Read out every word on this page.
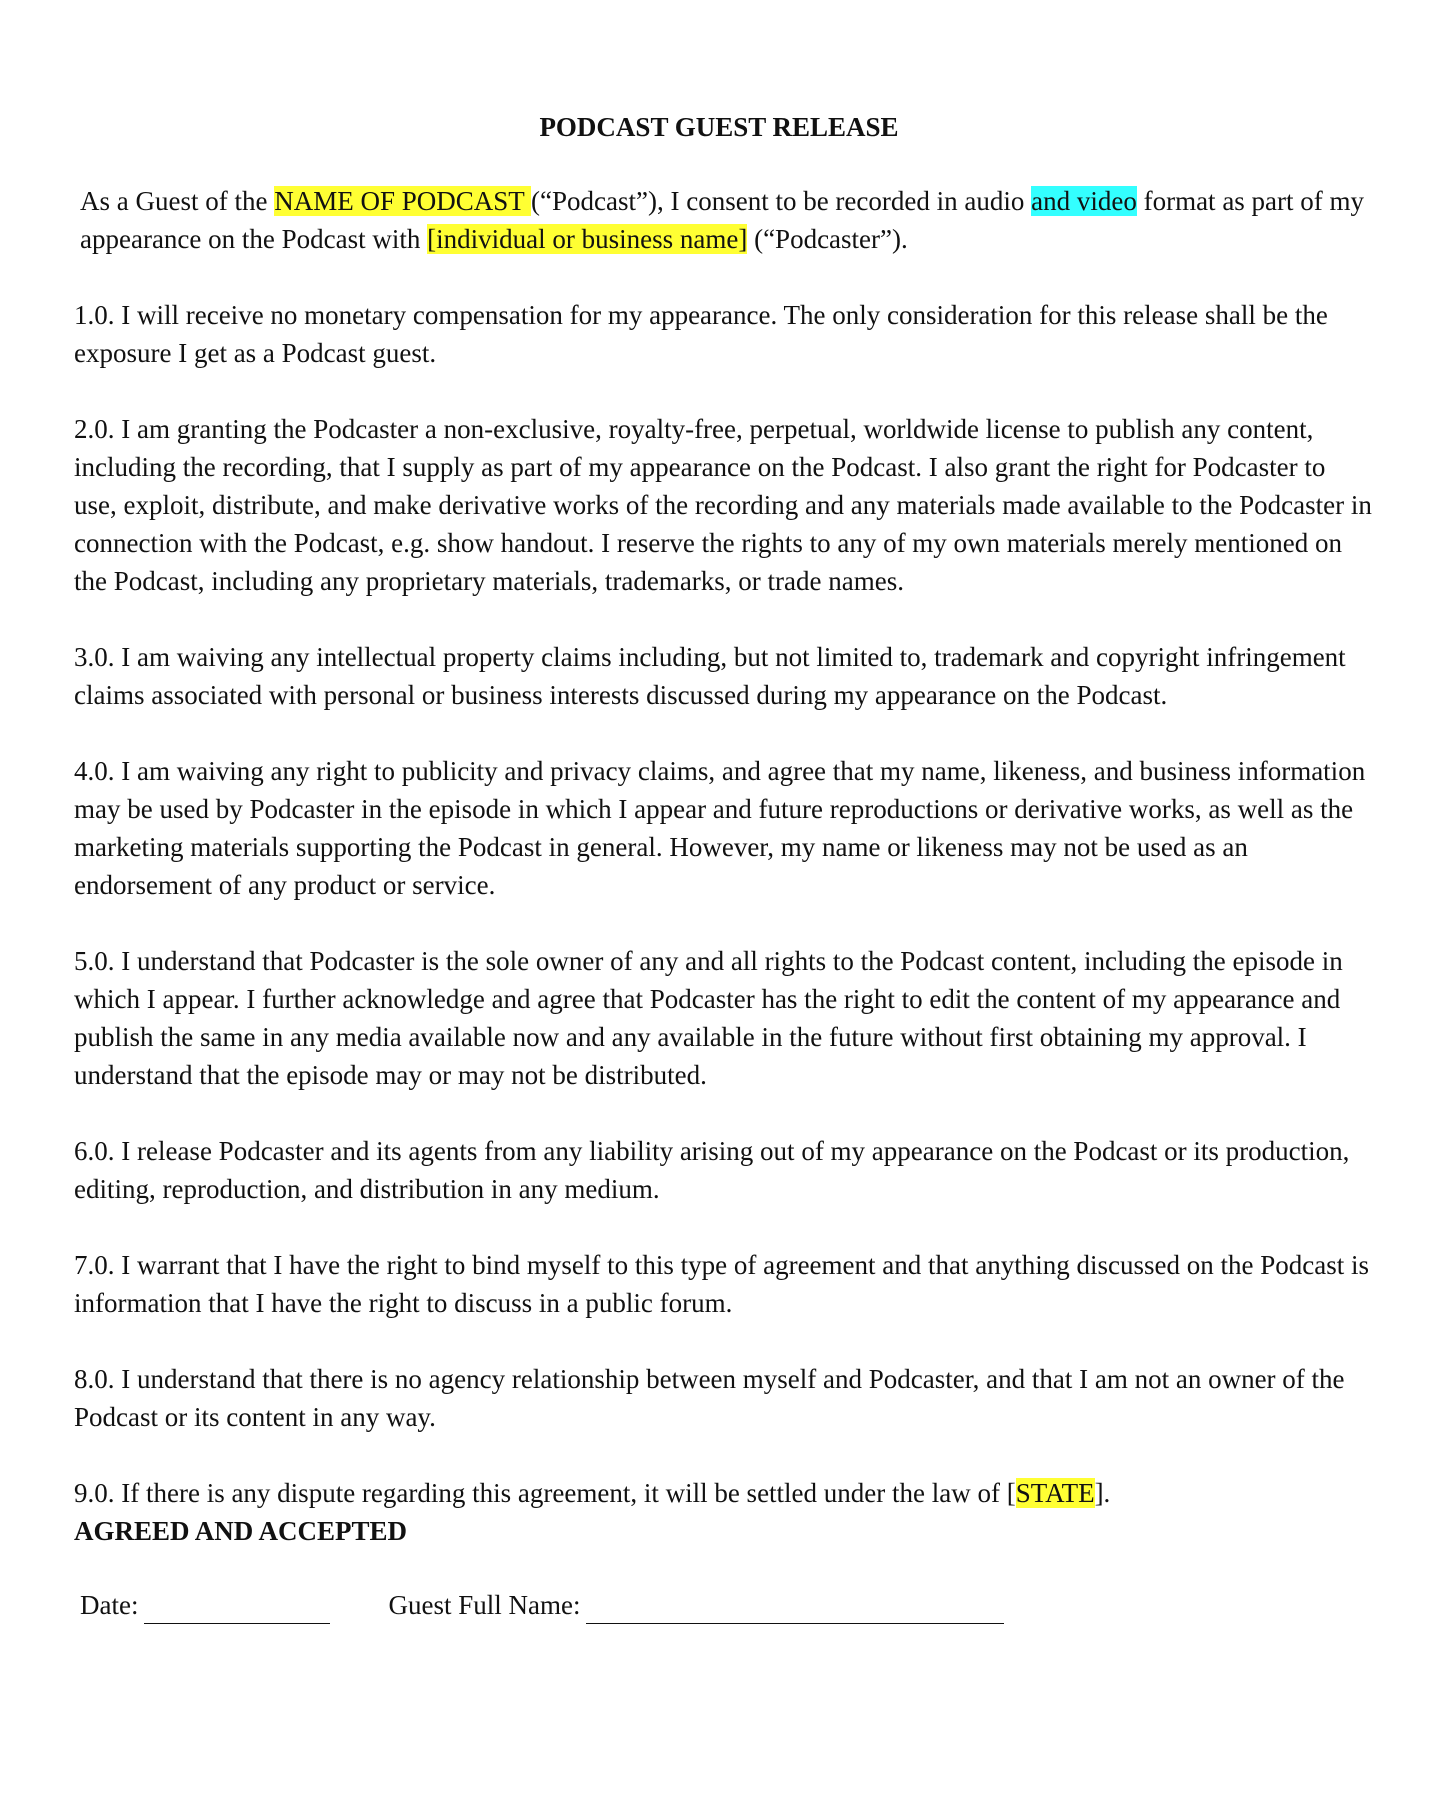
PODCAST GUEST RELEASE
As a Guest of the NAME OF PODCAST (“Podcast”), I consent to be recorded in audio and video format as part of my appearance on the Podcast with [individual or business name] (“Podcaster”).
1.0. I will receive no monetary compensation for my appearance. The only consideration for this release shall be the exposure I get as a Podcast guest.
2.0. I am granting the Podcaster a non-exclusive, royalty-free, perpetual, worldwide license to publish any content, including the recording, that I supply as part of my appearance on the Podcast. I also grant the right for Podcaster to use, exploit, distribute, and make derivative works of the recording and any materials made available to the Podcaster in connection with the Podcast, e.g. show handout. I reserve the rights to any of my own materials merely mentioned on the Podcast, including any proprietary materials, trademarks, or trade names.
3.0. I am waiving any intellectual property claims including, but not limited to, trademark and copyright infringement claims associated with personal or business interests discussed during my appearance on the Podcast.
4.0. I am waiving any right to publicity and privacy claims, and agree that my name, likeness, and business information may be used by Podcaster in the episode in which I appear and future reproductions or derivative works, as well as the marketing materials supporting the Podcast in general. However, my name or likeness may not be used as an endorsement of any product or service.
5.0. I understand that Podcaster is the sole owner of any and all rights to the Podcast content, including the episode in which I appear. I further acknowledge and agree that Podcaster has the right to edit the content of my appearance and publish the same in any media available now and any available in the future without first obtaining my approval. I understand that the episode may or may not be distributed.
6.0. I release Podcaster and its agents from any liability arising out of my appearance on the Podcast or its production, editing, reproduction, and distribution in any medium.
7.0. I warrant that I have the right to bind myself to this type of agreement and that anything discussed on the Podcast is information that I have the right to discuss in a public forum.
8.0. I understand that there is no agency relationship between myself and Podcaster, and that I am not an owner of the Podcast or its content in any way.
9.0. If there is any dispute regarding this agreement, it will be settled under the law of [STATE].
AGREED AND ACCEPTED
Date:	Guest Full Name:
